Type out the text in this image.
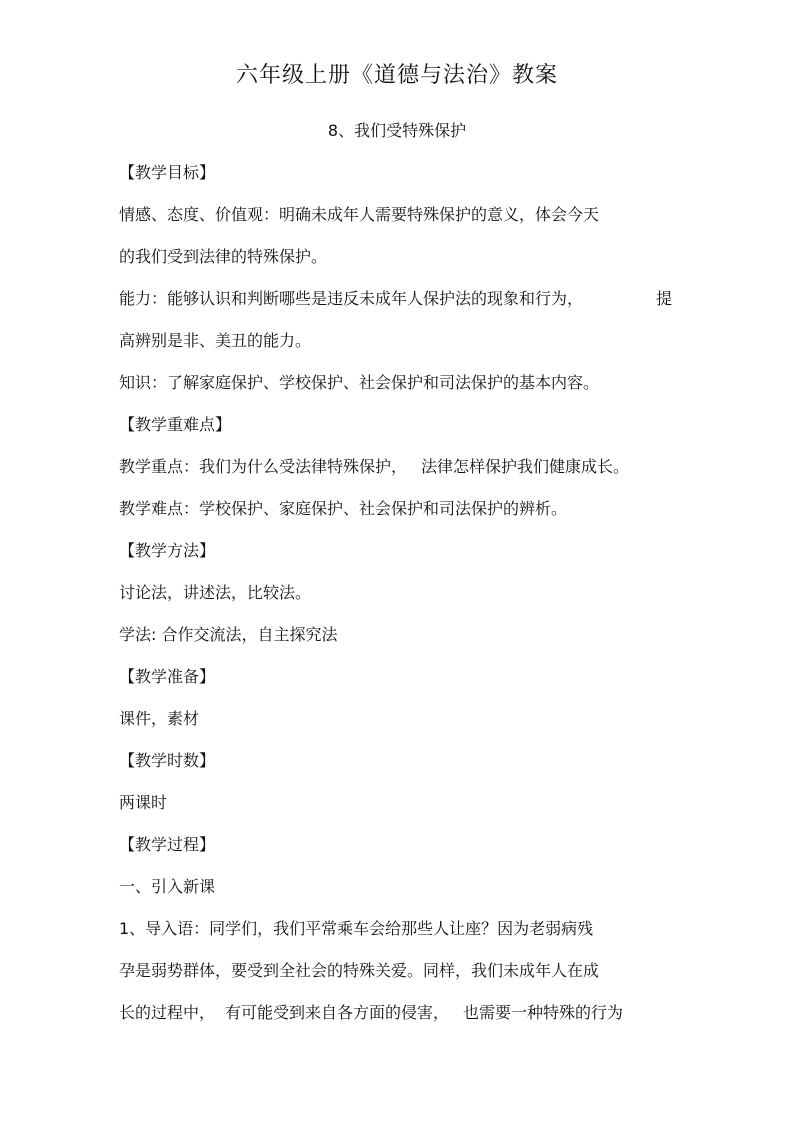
六年级上册《道德与法治》教案
8、我们受特殊保护
【教学目标】
情感、态度、价值观：明确未成年人需要特殊保护的意义，体会今天
的我们受到法律的特殊保护。
能力：能够认识和判断哪些是违反未成年人保护法的现象和行为，	提
高辨别是非、美丑的能力。
知识：了解家庭保护、学校保护、社会保护和司法保护的基本内容。
【教学重难点】
教学重点：我们为什么受法律特殊保护， 法律怎样保护我们健康成长。
教学难点：学校保护、家庭保护、社会保护和司法保护的辨析。
【教学方法】
讨论法，讲述法，比较法。
学法: 合作交流法，自主探究法
【教学准备】
课件，素材
【教学时数】
两课时
【教学过程】
一、引入新课
1、导入语：同学们，我们平常乘车会给那些人让座？因为老弱病残
孕是弱势群体，要受到全社会的特殊关爱。同样，我们未成年人在成
长的过程中， 有可能受到来自各方面的侵害， 也需要一种特殊的行为
